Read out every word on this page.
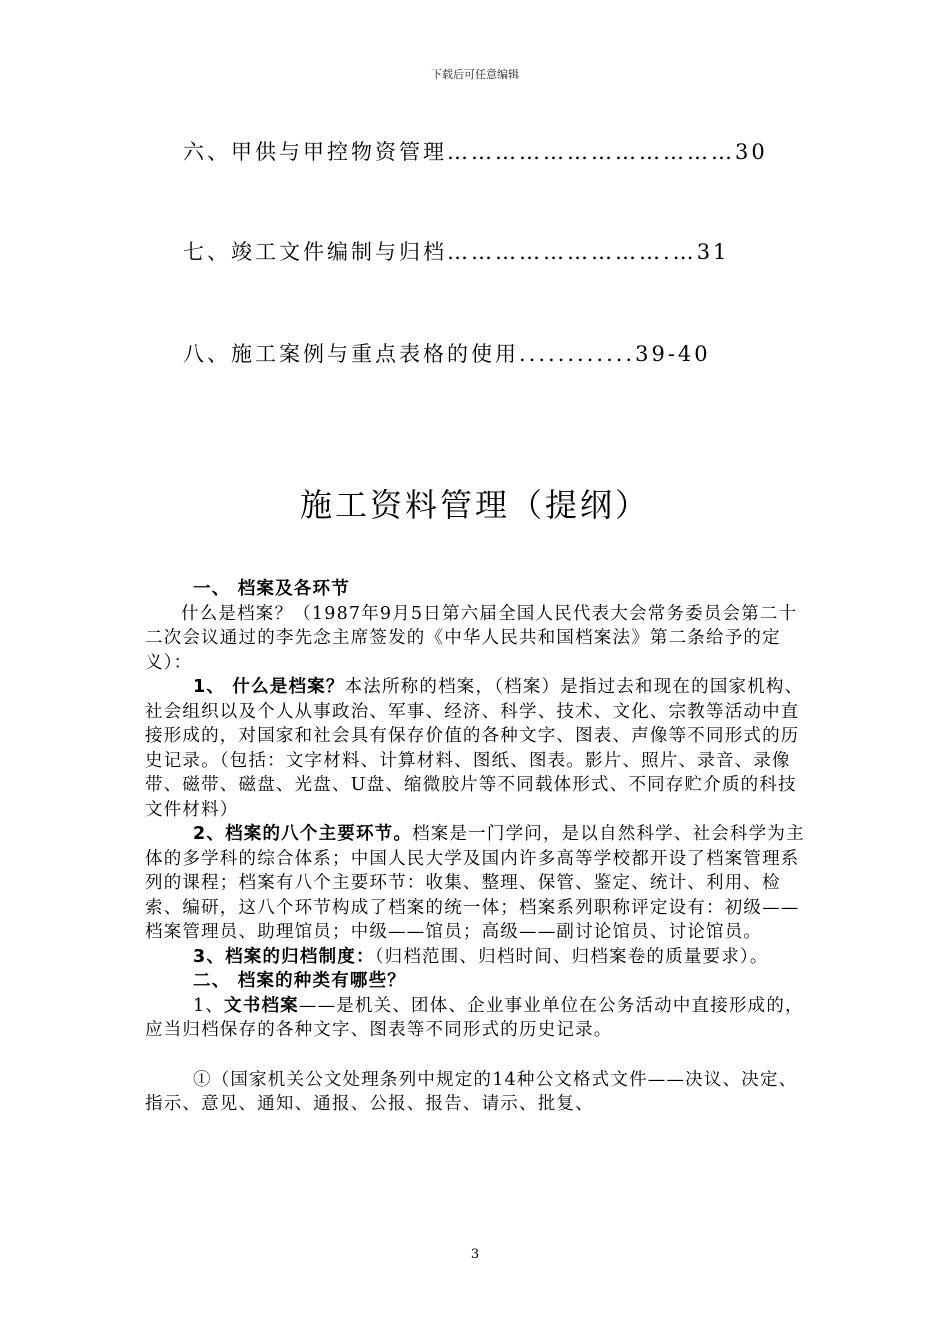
下载后可任意编辑
六、甲供与甲控物资管理………………………………30
七、竣工文件编制与归档……………………….…31
八、施工案例与重点表格的使用............39-40
施工资料管理（提纲）

一、 档案及各环节

什么是档案？（1987年9月5日第六届全国人民代表大会常务委员会第二十二次会议通过的李先念主席签发的《中华人民共和国档案法》第二条给予的定义）：

1、 什么是档案？本法所称的档案，（档案）是指过去和现在的国家机构、社会组织以及个人从事政治、军事、经济、科学、技术、文化、宗教等活动中直接形成的，对国家和社会具有保存价值的各种文字、图表、声像等不同形式的历史记录。（包括：文字材料、计算材料、图纸、图表。影片、照片、录音、录像带、磁带、磁盘、光盘、U盘、缩微胶片等不同载体形式、不同存贮介质的科技文件材料）

2、档案的八个主要环节。档案是一门学问，是以自然科学、社会科学为主体的多学科的综合体系；中国人民大学及国内许多高等学校都开设了档案管理系列的课程；档案有八个主要环节：收集、整理、保管、鉴定、统计、利用、检索、编研，这八个环节构成了档案的统一体；档案系列职称评定设有：初级——档案管理员、助理馆员；中级——馆员；高级——副讨论馆员、讨论馆员。

3、档案的归档制度：（归档范围、归档时间、归档案卷的质量要求）。

二、 档案的种类有哪些？

1、文书档案——是机关、团体、企业事业单位在公务活动中直接形成的，应当归档保存的各种文字、图表等不同形式的历史记录。

①（国家机关公文处理条列中规定的14种公文格式文件——决议、决定、指示、意见、通知、通报、公报、报告、请示、批复、

3
